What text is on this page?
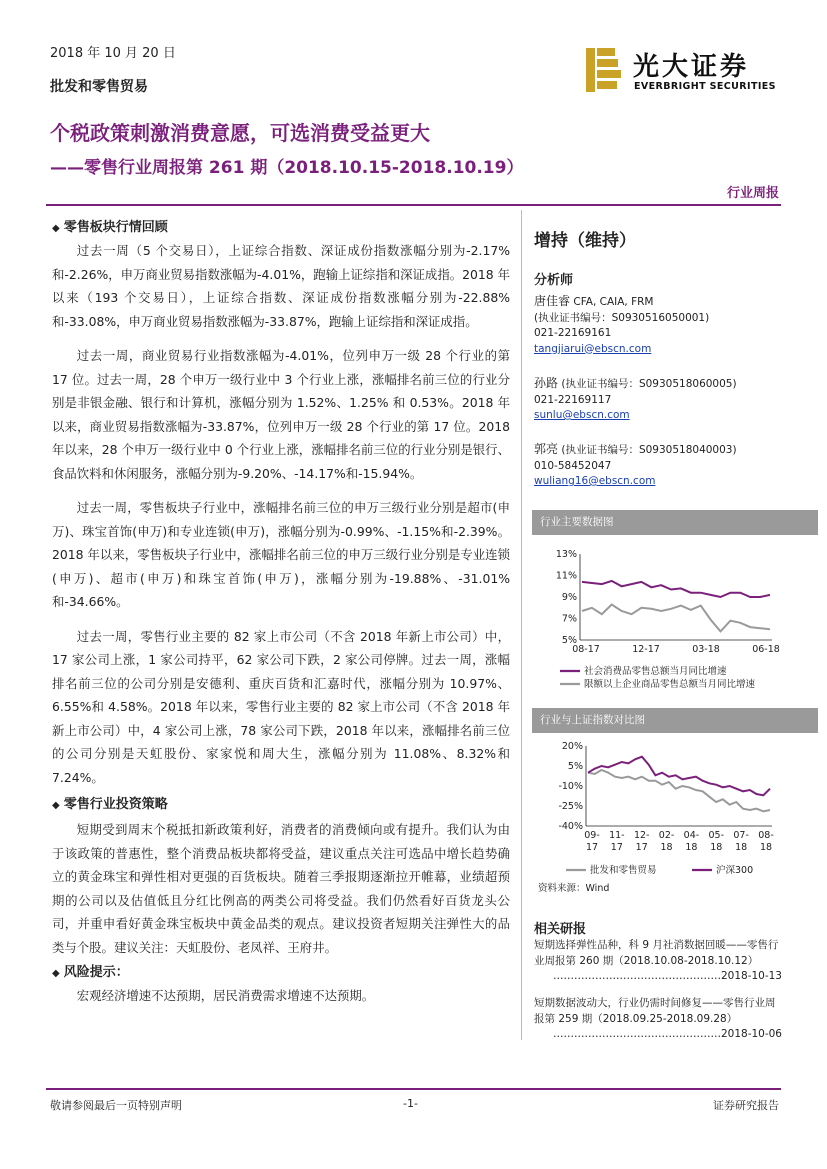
2018 年 10 月 20 日
批发和零售贸易
光大证券
EVERBRIGHT SECURITIES
个税政策刺激消费意愿，可选消费受益更大
——零售行业周报第 261 期（2018.10.15-2018.10.19）
行业周报
◆ 零售板块行情回顾

过去一周（5 个交易日），上证综合指数、深证成份指数涨幅分别为-2.17%和-2.26%，申万商业贸易指数涨幅为-4.01%，跑输上证综指和深证成指。2018 年以来（193 个交易日），上证综合指数、深证成份指数涨幅分别为-22.88%和-33.08%，申万商业贸易指数涨幅为-33.87%，跑输上证综指和深证成指。

过去一周，商业贸易行业指数涨幅为-4.01%，位列申万一级 28 个行业的第 17 位。过去一周，28 个申万一级行业中 3 个行业上涨，涨幅排名前三位的行业分别是非银金融、银行和计算机，涨幅分别为 1.52%、1.25% 和 0.53%。2018 年以来，商业贸易指数涨幅为-33.87%，位列申万一级 28 个行业的第 17 位。2018 年以来，28 个申万一级行业中 0 个行业上涨，涨幅排名前三位的行业分别是银行、食品饮料和休闲服务，涨幅分别为-9.20%、-14.17%和-15.94%。

过去一周，零售板块子行业中，涨幅排名前三位的申万三级行业分别是超市(申万)、珠宝首饰(申万)和专业连锁(申万)，涨幅分别为-0.99%、-1.15%和-2.39%。2018 年以来，零售板块子行业中，涨幅排名前三位的申万三级行业分别是专业连锁(申万)、超市(申万)和珠宝首饰(申万)，涨幅分别为-19.88%、-31.01%和-34.66%。

过去一周，零售行业主要的 82 家上市公司（不含 2018 年新上市公司）中，17 家公司上涨，1 家公司持平，62 家公司下跌，2 家公司停牌。过去一周，涨幅排名前三位的公司分别是安德利、重庆百货和汇嘉时代，涨幅分别为 10.97%、6.55%和 4.58%。2018 年以来，零售行业主要的 82 家上市公司（不含 2018 年新上市公司）中，4 家公司上涨，78 家公司下跌，2018 年以来，涨幅排名前三位的公司分别是天虹股份、家家悦和周大生，涨幅分别为 11.08%、8.32%和 7.24%。

◆ 零售行业投资策略

短期受到周末个税抵扣新政策利好，消费者的消费倾向或有提升。我们认为由于该政策的普惠性，整个消费品板块都将受益，建议重点关注可选品中增长趋势确立的黄金珠宝和弹性相对更强的百货板块。随着三季报期逐渐拉开帷幕，业绩超预期的公司以及估值低且分红比例高的两类公司将受益。我们仍然看好百货龙头公司，并重申看好黄金珠宝板块中黄金品类的观点。建议投资者短期关注弹性大的品类与个股。建议关注：天虹股份、老凤祥、王府井。

◆ 风险提示：

宏观经济增速不达预期，居民消费需求增速不达预期。

增持（维持）
分析师
唐佳睿 CFA, CAIA, FRM
(执业证书编号：S0930516050001)
021-22169161
tangjiarui@ebscn.com
孙路 (执业证书编号：S0930518060005)
021-22169117
sunlu@ebscn.com
郭亮 (执业证书编号：S0930518040003)
010-58452047
wuliang16@ebscn.com
行业主要数据图
13%
11%
9%
7%
5%
08-17	12-17	03-18	06-18
社会消费品零售总额当月同比增速
限额以上企业商品零售总额当月同比增速
行业与上证指数对比图
20%
5%
-10%
-25%
-40%
09-
17
11-
17
12-
17
02-
18
04-
18
05-
18
07-
18
08-
18
批发和零售贸易	沪深300
资料来源：Wind
相关研报
短期选择弹性品种，科 9 月社消数据回暖——零售行业周报第 260 期（2018.10.08-2018.10.12）
…………………………………………2018-10-13
短期数据波动大，行业仍需时间修复——零售行业周报第 259 期（2018.09.25-2018.09.28）
…………………………………………2018-10-06
敬请参阅最后一页特别声明	-1-	证券研究报告
